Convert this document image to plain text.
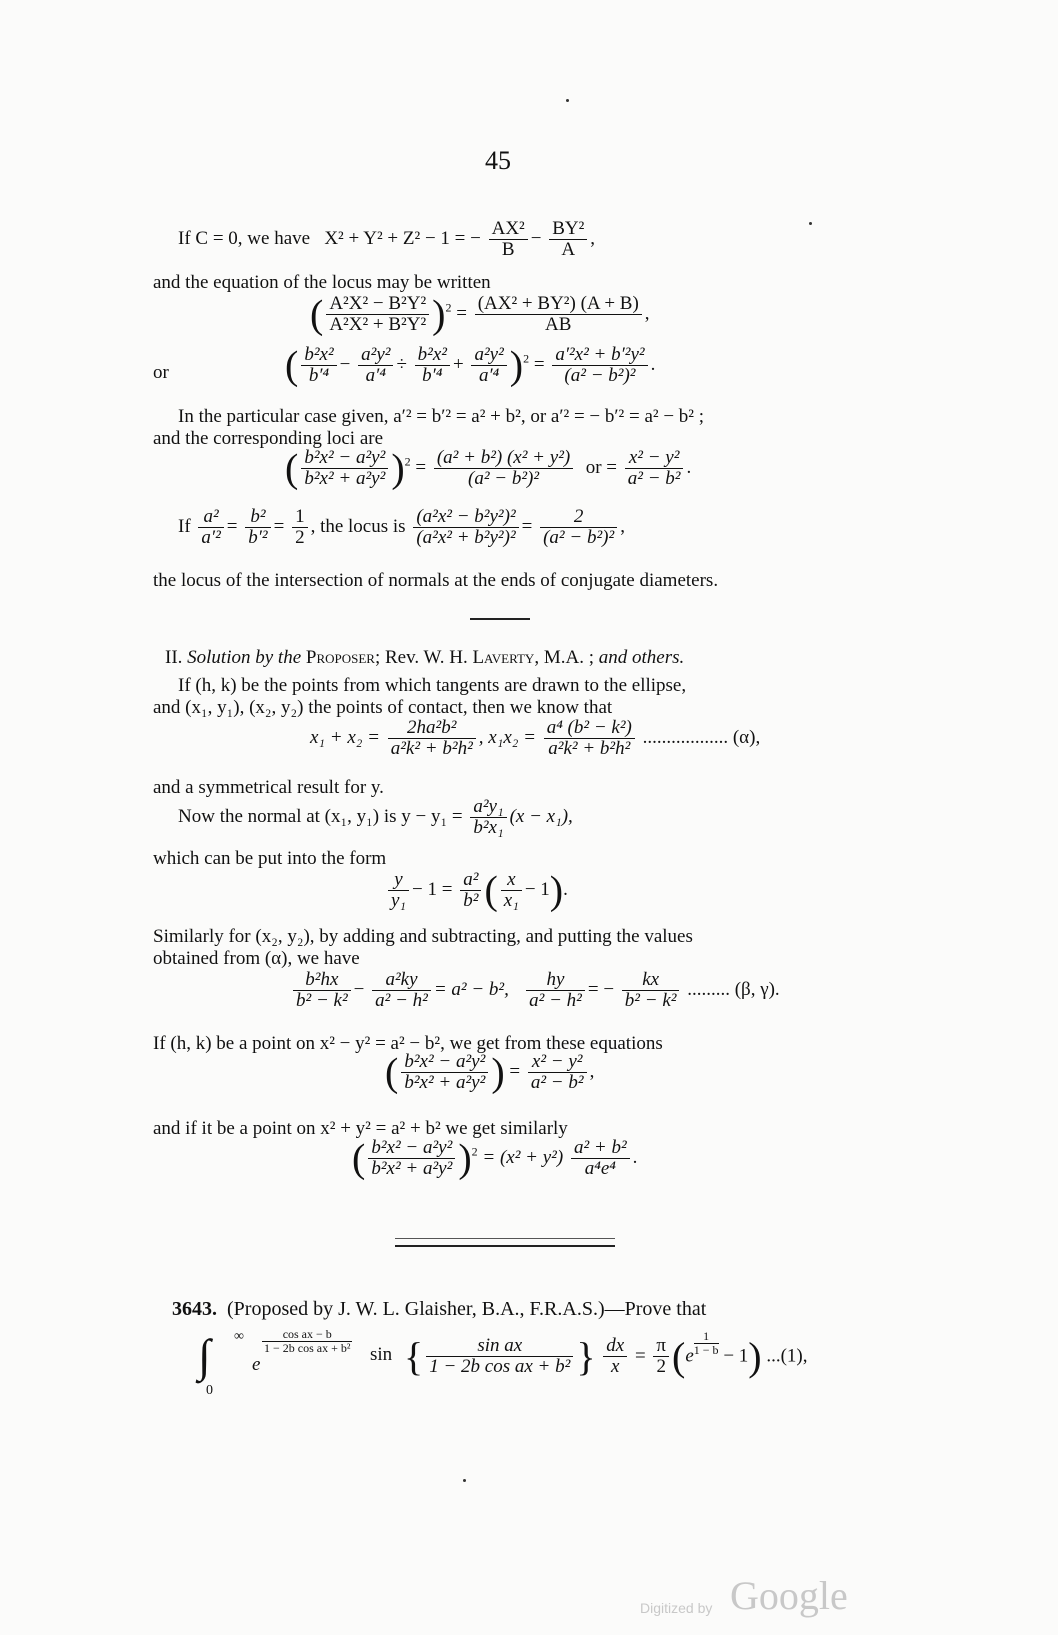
45
If C = 0, we have X² + Y² + Z² − 1 = − $\frac{\text{AX²}}{B} - \frac{\text{BY²}}{A}$ ,
and the equation of the locus may be written
( $\frac{\text{A²X² − B²Y²}}{\text{A²X² + B²Y²}} )^2 = \frac{\text{(AX² + BY²) (A + B)}}{AB}$ ,
or	( $\frac{\text{b²x²}}{\text{b′⁴}} - \frac{\text{a²y²}}{\text{a′⁴}} \div \frac{\text{b²x²}}{\text{b′⁴}} + \frac{\text{a²y²}}{\text{a′⁴}} )^2 = \frac{\text{a′²x² + b′²y²}}{\text{(a² − b²)²}}$ .
In the particular case given, a′² = b′² = a² + b², or a′² = − b′² = a² − b² ;
and the corresponding loci are
( $\frac{\text{b²x² − a²y²}}{\text{b²x² + a²y²}} )^2 = \frac{\text{(a² + b²) (x² + y²)}}{\text{(a² − b²)²}}$ or = $\frac{\text{x² − y²}}{\text{a² − b²}}$ .
If $\frac{\text{a²}}{\text{a′²}} = \frac{\text{b²}}{\text{b′²}} = \frac{1}{2}$ , the locus is $\frac{\text{(a²x² − b²y²)²}}{\text{(a²x² + b²y²)²}} = \frac{2}{\text{(a² − b²)²}}$ ,
the locus of the intersection of normals at the ends of conjugate diameters.
II. Solution by the Proposer; Rev. W. H. Laverty, M.A. ; and others.
If (h, k) be the points from which tangents are drawn to the ellipse,
and (x₁, y₁), (x₂, y₂) the points of contact, then we know that
$x_1 + x_2 = \frac{\text{2ha²b²}}{\text{a²k² + b²h²}}$ , $x_1x_2 = \frac{\text{a⁴ (b² − k²)}}{\text{a²k² + b²h²}}$ .................. (α),
and a symmetrical result for y.
Now the normal at (x₁, y₁) is $y - y_1 = \frac{\text{a²y₁}}{\text{b²x₁}} (x - x_1)$,
which can be put into the form
$\frac{y}{\text{y₁}} - 1 = \frac{\text{a²}}{\text{b²}}$ ( $\frac{x}{\text{x₁}} - 1$).
Similarly for (x₂, y₂), by adding and subtracting, and putting the values
obtained from (α), we have
$\frac{\text{b²hx}}{\text{b² − k²}} - \frac{\text{a²ky}}{\text{a² − h²}} = a^2 - b^2$, $\frac{hy}{\text{a² − h²}}$ = − $\frac{kx}{\text{b² − k²}}$ ......... (β, γ).
If (h, k) be a point on x² − y² = a² − b², we get from these equations
( $\frac{\text{b²x² − a²y²}}{\text{b²x² + a²y²}}$ ) = $\frac{\text{x² − y²}}{\text{a² − b²}}$ ,
and if it be a point on x² + y² = a² + b² we get similarly
( $\frac{\text{b²x² − a²y²}}{\text{b²x² + a²y²}} )^2 = (x^2 + y^2) \frac{\text{a² + b²}}{\text{a⁴e⁴}}$ .
3643. (Proposed by J. W. L. Glaisher, B.A., F.R.A.S.)—Prove that
∫ ∞
0
e
cos ax − b
1 − 2b cos ax + b² sin { $\frac{\text{sin ax}}{\text{1 − 2b cos ax + b²}}$ } $\frac{dx}{x} = \frac{\pi}{2} (e \frac{1}{1 - b} - 1)$ ...(1),
Digitized by Google
